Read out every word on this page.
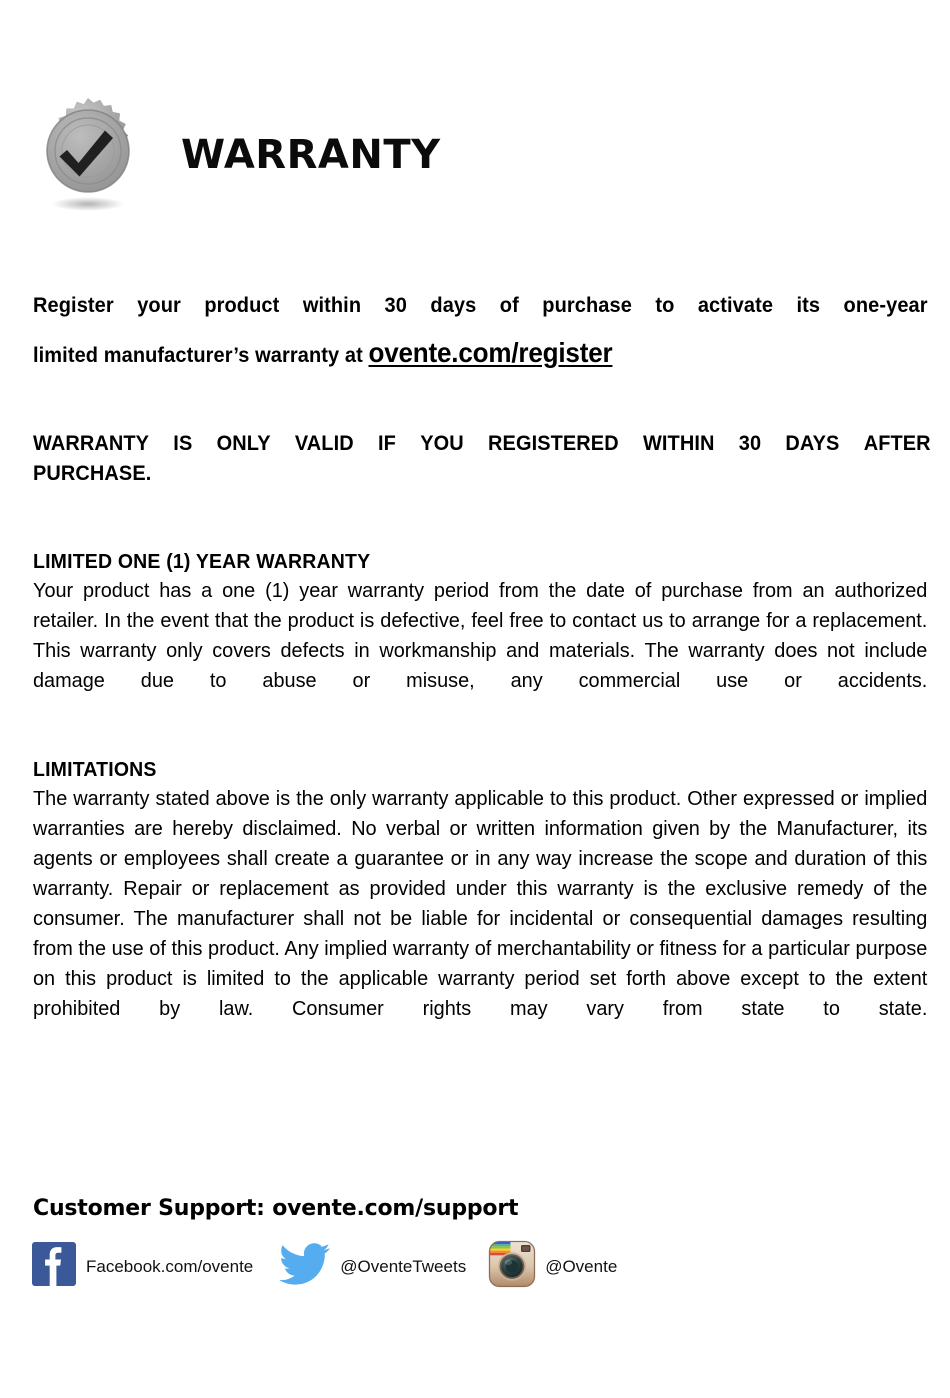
WARRANTY
Register your product within 30 days of purchase to activate its one-year
limited manufacturer’s warranty at ovente.com/register
WARRANTY IS ONLY VALID IF YOU REGISTERED WITHIN 30 DAYS AFTER
PURCHASE.
LIMITED ONE (1) YEAR WARRANTY
Your product has a one (1) year warranty period from the date of purchase from an authorized retailer. In the event that the product is defective, feel free to contact us to arrange for a replacement. This warranty only covers defects in workmanship and materials. The warranty does not include damage due to abuse or misuse, any commercial use or accidents.
LIMITATIONS
The warranty stated above is the only warranty applicable to this product. Other expressed or implied warranties are hereby disclaimed. No verbal or written information given by the Manufacturer, its agents or employees shall create a guarantee or in any way increase the scope and duration of this warranty. Repair or replacement as provided under this warranty is the exclusive remedy of the consumer. The manufacturer shall not be liable for incidental or consequential damages resulting from the use of this product. Any implied warranty of merchantability or fitness for a particular purpose on this product is limited to the applicable warranty period set forth above except to the extent prohibited by law. Consumer rights may vary from state to state.
Customer Support: ovente.com/support
Facebook.com/ovente	@OventeTweets	@Ovente
